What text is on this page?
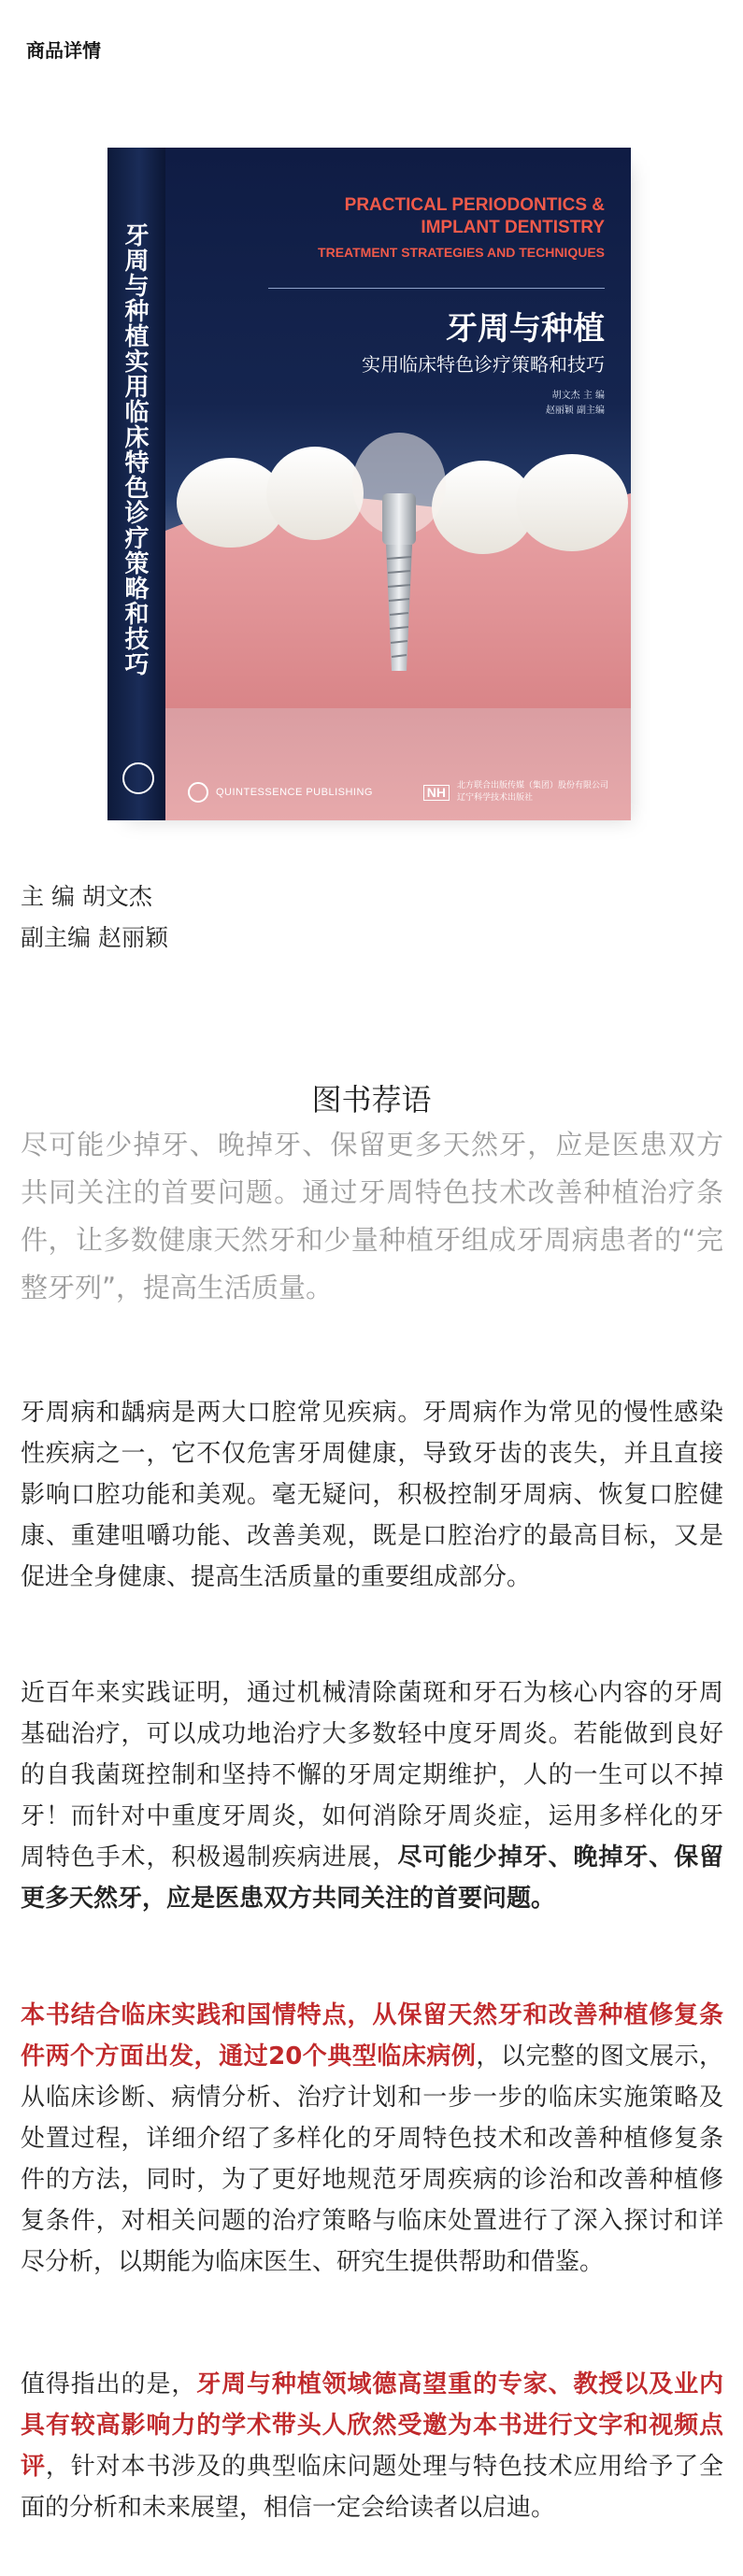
商品详情
牙周与种植实用临床特色诊疗策略和技巧
PRACTICAL PERIODONTICS &
IMPLANT DENTISTRY
TREATMENT STRATEGIES AND TECHNIQUES
牙周与种植
实用临床特色诊疗策略和技巧
胡文杰 主 编
赵丽颖 副主编
QUINTESSENCE PUBLISHING	NH	北方联合出版传媒（集团）股份有限公司
辽宁科学技术出版社
主 编 胡文杰
副主编 赵丽颖
图书荐语
尽可能少掉牙、晚掉牙、保留更多天然牙，应是医患双方共同关注的首要问题。通过牙周特色技术改善种植治疗条件，让多数健康天然牙和少量种植牙组成牙周病患者的“完整牙列”，提高生活质量。
牙周病和龋病是两大口腔常见疾病。牙周病作为常见的慢性感染性疾病之一，它不仅危害牙周健康，导致牙齿的丧失，并且直接影响口腔功能和美观。毫无疑问，积极控制牙周病、恢复口腔健康、重建咀嚼功能、改善美观，既是口腔治疗的最高目标，又是促进全身健康、提高生活质量的重要组成部分。
近百年来实践证明，通过机械清除菌斑和牙石为核心内容的牙周基础治疗，可以成功地治疗大多数轻中度牙周炎。若能做到良好的自我菌斑控制和坚持不懈的牙周定期维护，人的一生可以不掉牙！而针对中重度牙周炎，如何消除牙周炎症，运用多样化的牙周特色手术，积极遏制疾病进展，尽可能少掉牙、晚掉牙、保留更多天然牙，应是医患双方共同关注的首要问题。
本书结合临床实践和国情特点，从保留天然牙和改善种植修复条件两个方面出发，通过20个典型临床病例，以完整的图文展示，从临床诊断、病情分析、治疗计划和一步一步的临床实施策略及处置过程，详细介绍了多样化的牙周特色技术和改善种植修复条件的方法，同时，为了更好地规范牙周疾病的诊治和改善种植修复条件，对相关问题的治疗策略与临床处置进行了深入探讨和详尽分析，以期能为临床医生、研究生提供帮助和借鉴。
值得指出的是，牙周与种植领域德高望重的专家、教授以及业内具有较高影响力的学术带头人欣然受邀为本书进行文字和视频点评，针对本书涉及的典型临床问题处理与特色技术应用给予了全面的分析和未来展望，相信一定会给读者以启迪。
